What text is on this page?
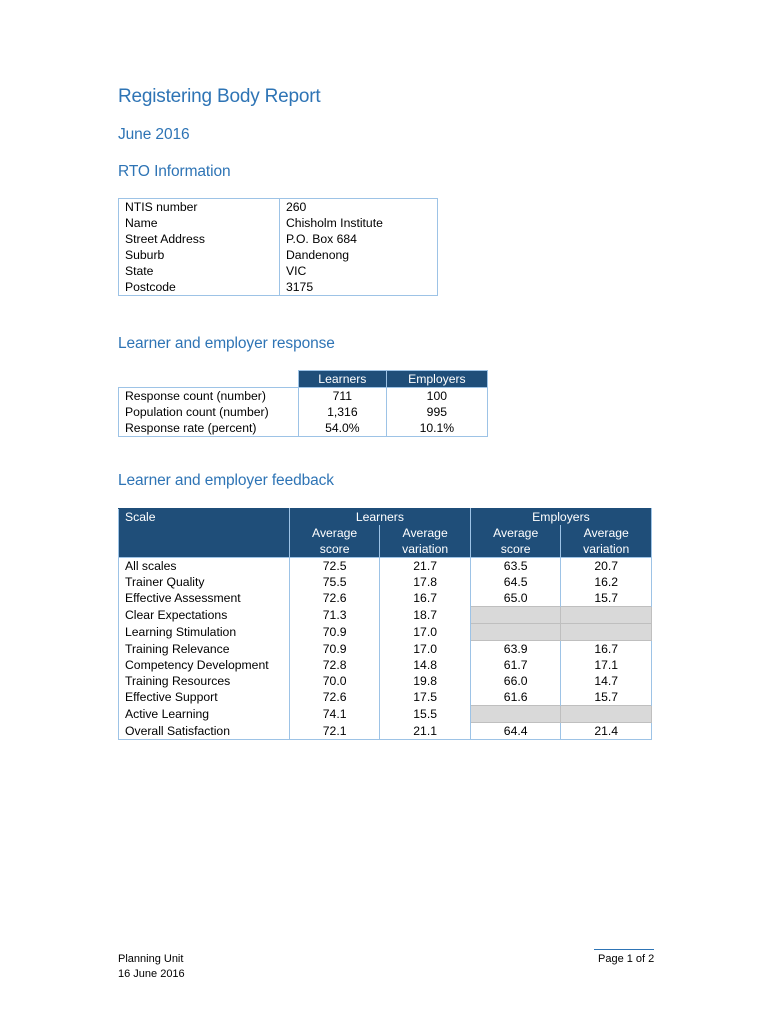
Registering Body Report
June 2016
RTO Information
NTIS number	260
Name	Chisholm Institute
Street Address	P.O. Box 684
Suburb	Dandenong
State	VIC
Postcode	3175
Learner and employer response
	Learners	Employers
Response count (number)	711	100
Population count (number)	1,316	995
Response rate (percent)	54.0%	10.1%
Learner and employer feedback
Scale	Learners		Employers	
	Average	Average	Average	Average
	score	variation	score	variation
All scales	72.5	21.7	63.5	20.7
Trainer Quality	75.5	17.8	64.5	16.2
Effective Assessment	72.6	16.7	65.0	15.7
Clear Expectations	71.3	18.7		
Learning Stimulation	70.9	17.0		
Training Relevance	70.9	17.0	63.9	16.7
Competency Development	72.8	14.8	61.7	17.1
Training Resources	70.0	19.8	66.0	14.7
Effective Support	72.6	17.5	61.6	15.7
Active Learning	74.1	15.5		
Overall Satisfaction	72.1	21.1	64.4	21.4
Planning Unit
16 June 2016
Page 1 of 2
